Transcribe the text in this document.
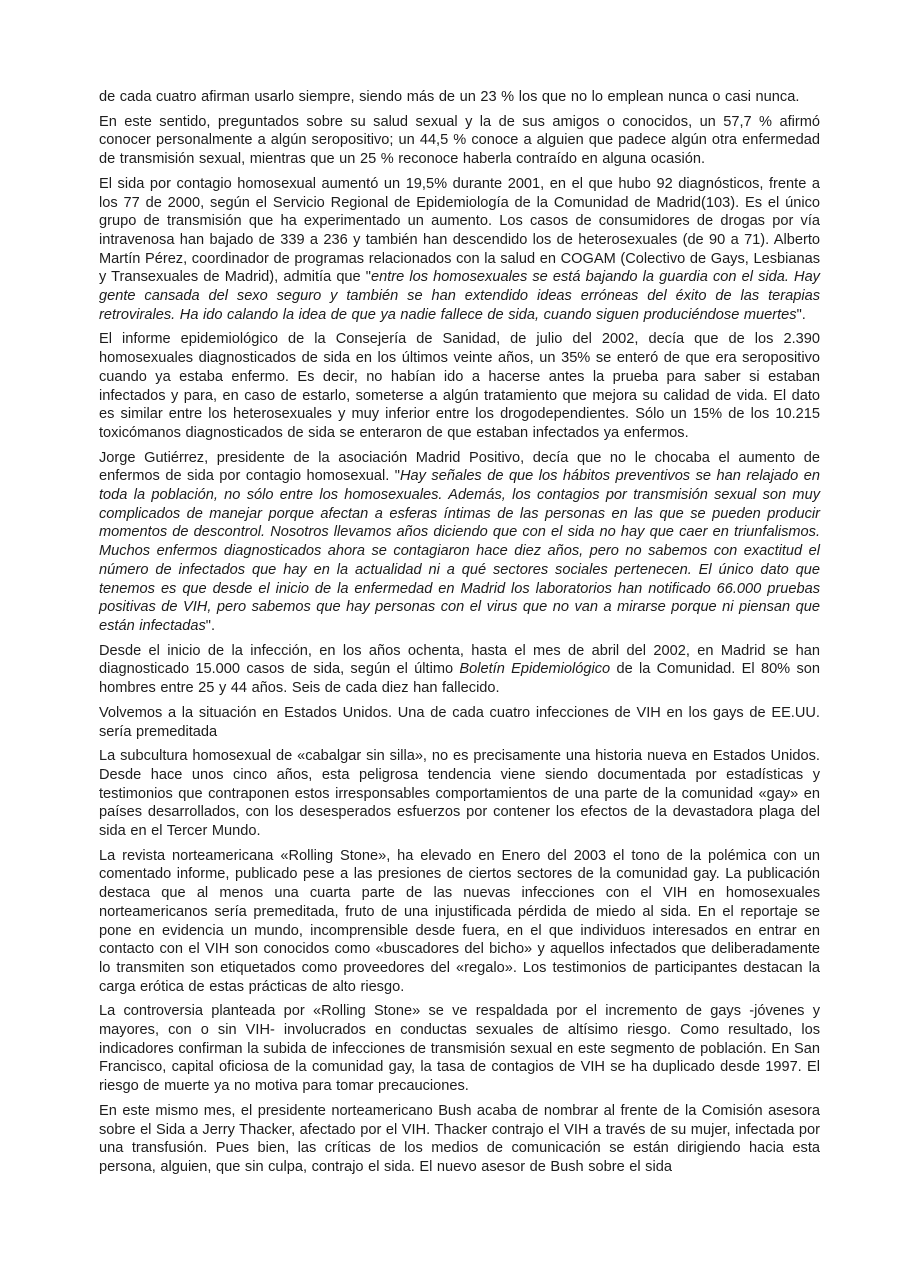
de cada cuatro afirman usarlo siempre, siendo más de un 23 % los que no lo emplean nunca o casi nunca.

En este sentido, preguntados sobre su salud sexual y la de sus amigos o conocidos, un 57,7 % afirmó conocer personalmente a algún seropositivo; un 44,5 % conoce a alguien que padece algún otra enfermedad de transmisión sexual, mientras que un 25 % reconoce haberla contraído en alguna ocasión.

El sida por contagio homosexual aumentó un 19,5% durante 2001, en el que hubo 92 diagnósticos, frente a los 77 de 2000, según el Servicio Regional de Epidemiología de la Comunidad de Madrid(103). Es el único grupo de transmisión que ha experimentado un aumento. Los casos de consumidores de drogas por vía intravenosa han bajado de 339 a 236 y también han descendido los de heterosexuales (de 90 a 71). Alberto Martín Pérez, coordinador de programas relacionados con la salud en COGAM (Colectivo de Gays, Lesbianas y Transexuales de Madrid), admitía que "entre los homosexuales se está bajando la guardia con el sida. Hay gente cansada del sexo seguro y también se han extendido ideas erróneas del éxito de las terapias retrovirales. Ha ido calando la idea de que ya nadie fallece de sida, cuando siguen produciéndose muertes".

El informe epidemiológico de la Consejería de Sanidad, de julio del 2002, decía que de los 2.390 homosexuales diagnosticados de sida en los últimos veinte años, un 35% se enteró de que era seropositivo cuando ya estaba enfermo. Es decir, no habían ido a hacerse antes la prueba para saber si estaban infectados y para, en caso de estarlo, someterse a algún tratamiento que mejora su calidad de vida. El dato es similar entre los heterosexuales y muy inferior entre los drogodependientes. Sólo un 15% de los 10.215 toxicómanos diagnosticados de sida se enteraron de que estaban infectados ya enfermos.

Jorge Gutiérrez, presidente de la asociación Madrid Positivo, decía que no le chocaba el aumento de enfermos de sida por contagio homosexual. "Hay señales de que los hábitos preventivos se han relajado en toda la población, no sólo entre los homosexuales. Además, los contagios por transmisión sexual son muy complicados de manejar porque afectan a esferas íntimas de las personas en las que se pueden producir momentos de descontrol. Nosotros llevamos años diciendo que con el sida no hay que caer en triunfalismos. Muchos enfermos diagnosticados ahora se contagiaron hace diez años, pero no sabemos con exactitud el número de infectados que hay en la actualidad ni a qué sectores sociales pertenecen. El único dato que tenemos es que desde el inicio de la enfermedad en Madrid los laboratorios han notificado 66.000 pruebas positivas de VIH, pero sabemos que hay personas con el virus que no van a mirarse porque ni piensan que están infectadas".

Desde el inicio de la infección, en los años ochenta, hasta el mes de abril del 2002, en Madrid se han diagnosticado 15.000 casos de sida, según el último Boletín Epidemiológico de la Comunidad. El 80% son hombres entre 25 y 44 años. Seis de cada diez han fallecido.

Volvemos a la situación en Estados Unidos. Una de cada cuatro infecciones de VIH en los gays de EE.UU. sería premeditada

La subcultura homosexual de «cabalgar sin silla», no es precisamente una historia nueva en Estados Unidos. Desde hace unos cinco años, esta peligrosa tendencia viene siendo documentada por estadísticas y testimonios que contraponen estos irresponsables comportamientos de una parte de la comunidad «gay» en países desarrollados, con los desesperados esfuerzos por contener los efectos de la devastadora plaga del sida en el Tercer Mundo.

La revista norteamericana «Rolling Stone», ha elevado en Enero del 2003 el tono de la polémica con un comentado informe, publicado pese a las presiones de ciertos sectores de la comunidad gay. La publicación destaca que al menos una cuarta parte de las nuevas infecciones con el VIH en homosexuales norteamericanos sería premeditada, fruto de una injustificada pérdida de miedo al sida. En el reportaje se pone en evidencia un mundo, incomprensible desde fuera, en el que individuos interesados en entrar en contacto con el VIH son conocidos como «buscadores del bicho» y aquellos infectados que deliberadamente lo transmiten son etiquetados como proveedores del «regalo». Los testimonios de participantes destacan la carga erótica de estas prácticas de alto riesgo.

La controversia planteada por «Rolling Stone» se ve respaldada por el incremento de gays -jóvenes y mayores, con o sin VIH- involucrados en conductas sexuales de altísimo riesgo. Como resultado, los indicadores confirman la subida de infecciones de transmisión sexual en este segmento de población. En San Francisco, capital oficiosa de la comunidad gay, la tasa de contagios de VIH se ha duplicado desde 1997. El riesgo de muerte ya no motiva para tomar precauciones.

En este mismo mes, el presidente norteamericano Bush acaba de nombrar al frente de la Comisión asesora sobre el Sida a Jerry Thacker, afectado por el VIH. Thacker contrajo el VIH a través de su mujer, infectada por una transfusión. Pues bien, las críticas de los medios de comunicación se están dirigiendo hacia esta persona, alguien, que sin culpa, contrajo el sida. El nuevo asesor de Bush sobre el sida
